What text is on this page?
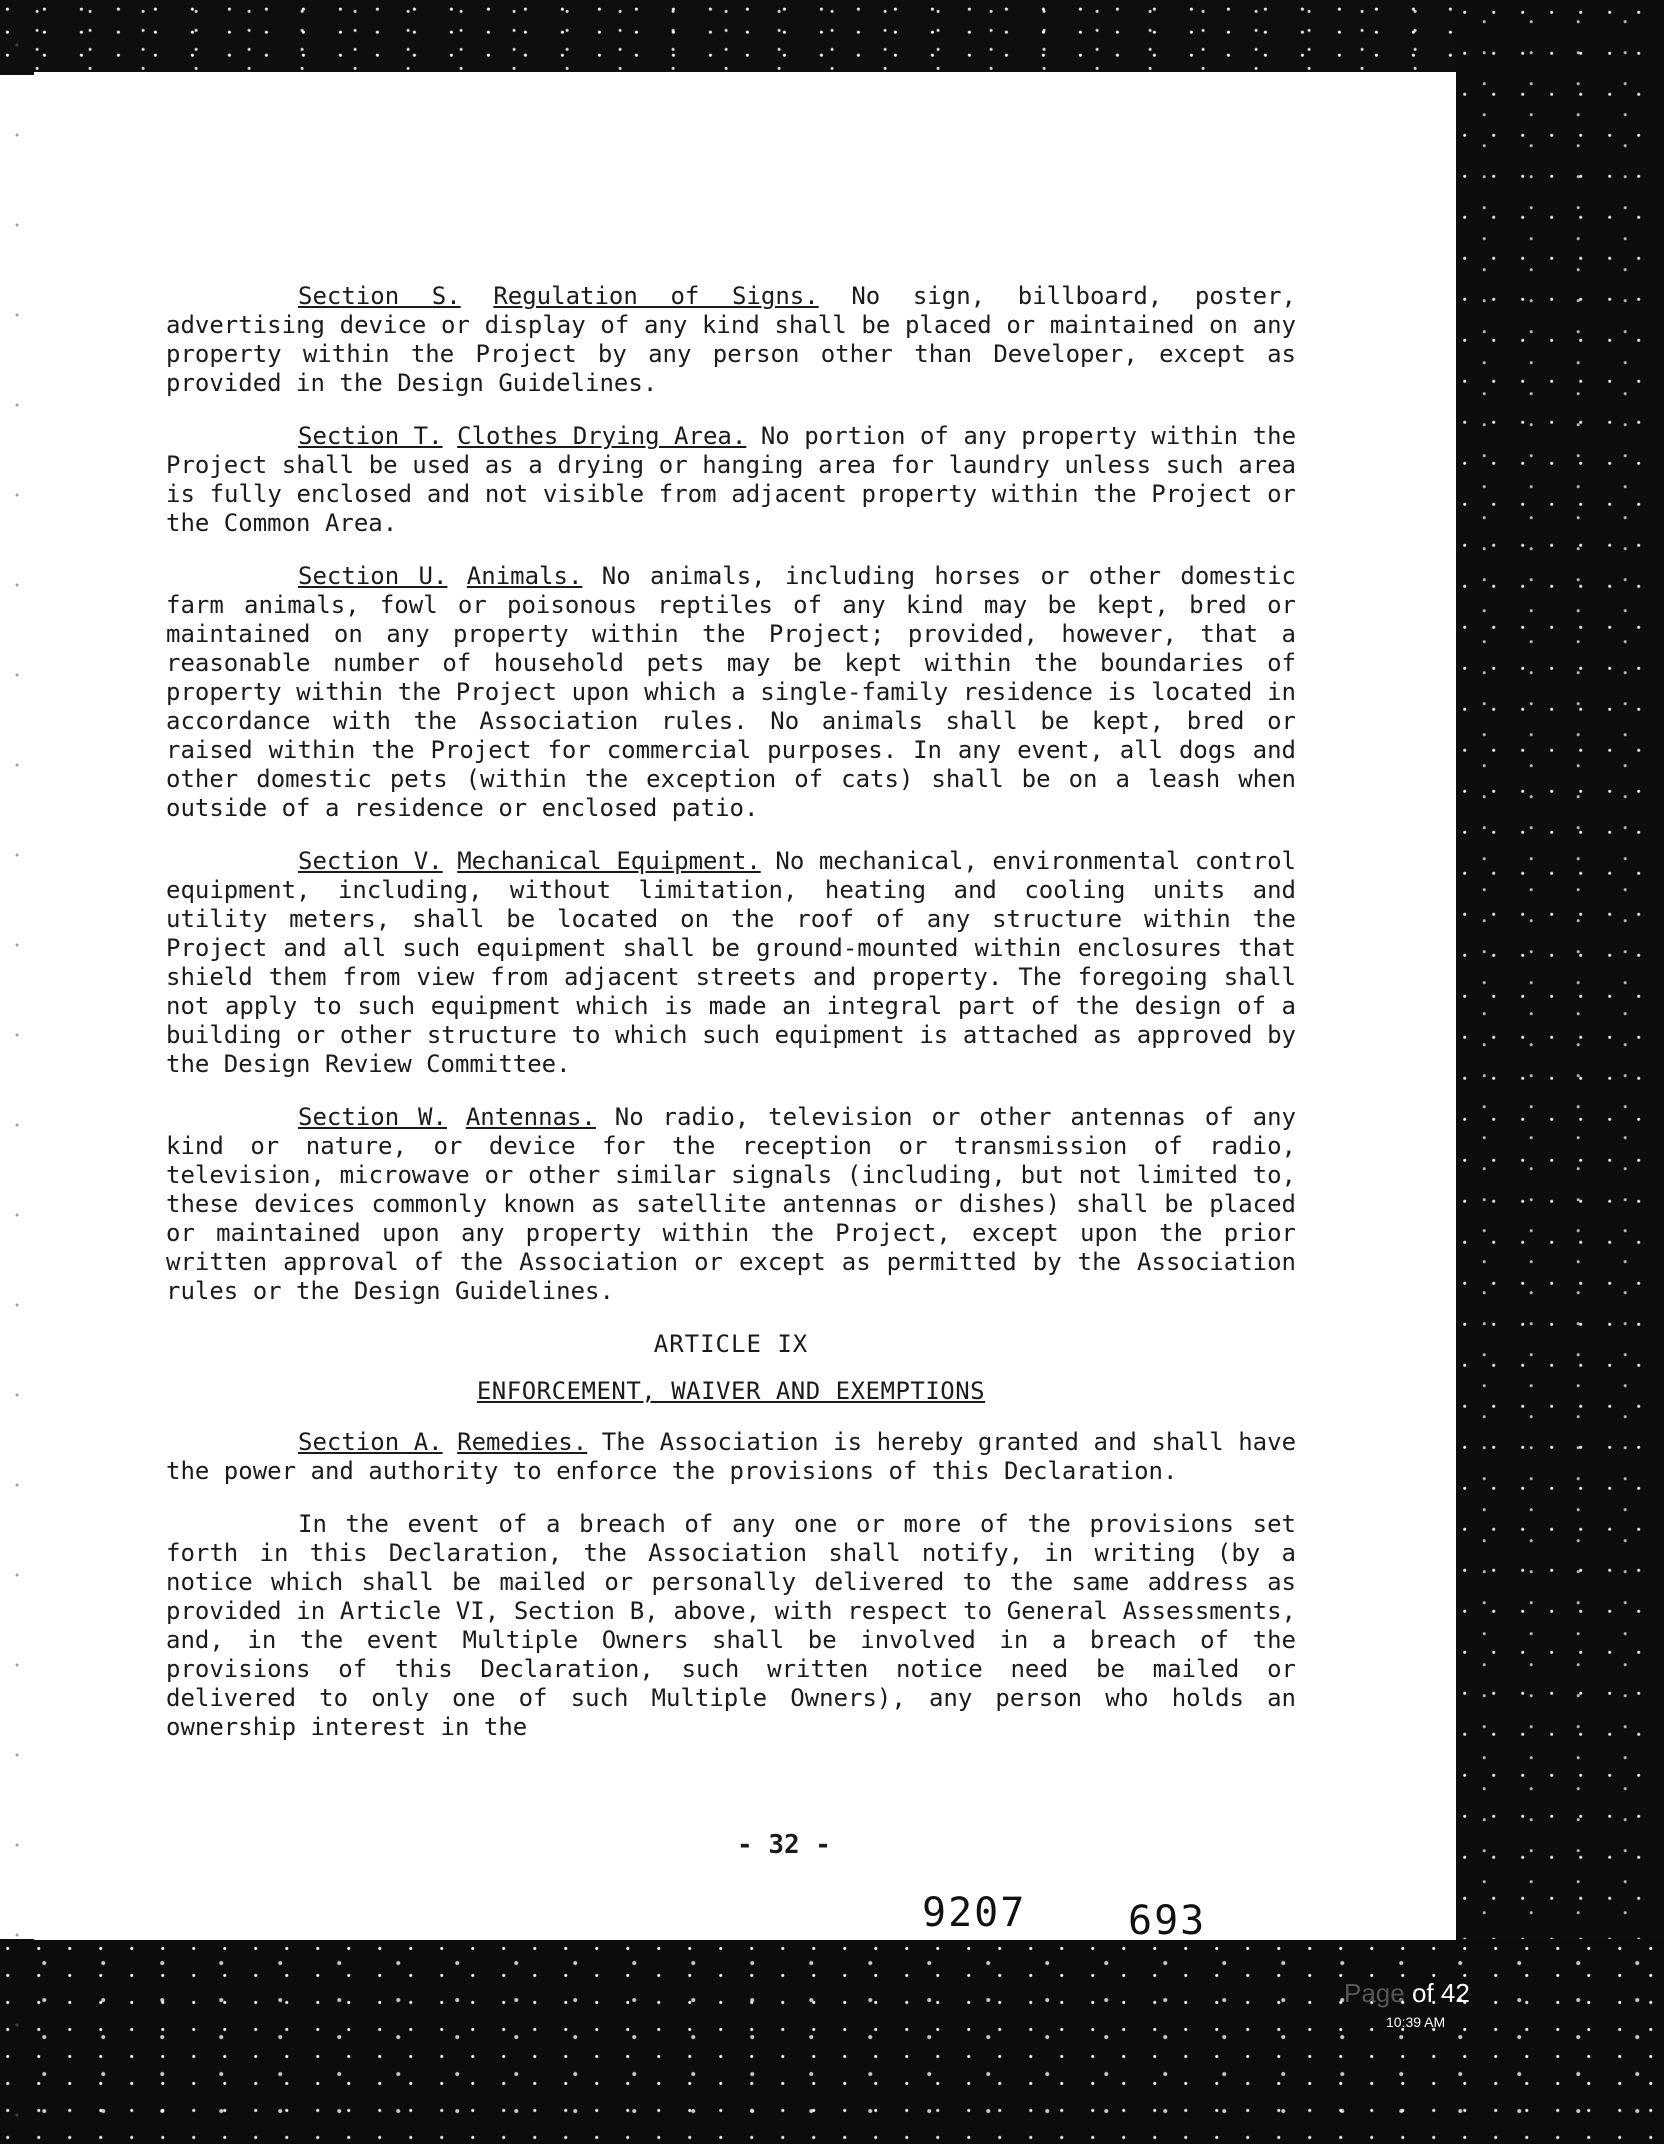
Section S. Regulation of Signs. No sign, billboard, poster, advertising device or display of any kind shall be placed or maintained on any property within the Project by any person other than Developer, except as provided in the Design Guidelines.

Section T. Clothes Drying Area. No portion of any property within the Project shall be used as a drying or hanging area for laundry unless such area is fully enclosed and not visible from adjacent property within the Project or the Common Area.

Section U. Animals. No animals, including horses or other domestic farm animals, fowl or poisonous reptiles of any kind may be kept, bred or maintained on any property within the Project; provided, however, that a reasonable number of household pets may be kept within the boundaries of property within the Project upon which a single-family residence is located in accordance with the Association rules. No animals shall be kept, bred or raised within the Project for commercial purposes. In any event, all dogs and other domestic pets (within the exception of cats) shall be on a leash when outside of a residence or enclosed patio.

Section V. Mechanical Equipment. No mechanical, environmental control equipment, including, without limitation, heating and cooling units and utility meters, shall be located on the roof of any structure within the Project and all such equipment shall be ground-mounted within enclosures that shield them from view from adjacent streets and property. The foregoing shall not apply to such equipment which is made an integral part of the design of a building or other structure to which such equipment is attached as approved by the Design Review Committee.

Section W. Antennas. No radio, television or other antennas of any kind or nature, or device for the reception or transmission of radio, television, microwave or other similar signals (including, but not limited to, these devices commonly known as satellite antennas or dishes) shall be placed or maintained upon any property within the Project, except upon the prior written approval of the Association or except as permitted by the Association rules or the Design Guidelines.

ARTICLE IX
ENFORCEMENT, WAIVER AND EXEMPTIONS

Section A. Remedies. The Association is hereby granted and shall have the power and authority to enforce the provisions of this Declaration.

In the event of a breach of any one or more of the provisions set forth in this Declaration, the Association shall notify, in writing (by a notice which shall be mailed or personally delivered to the same address as provided in Article VI, Section B, above, with respect to General Assessments, and, in the event Multiple Owners shall be involved in a breach of the provisions of this Declaration, such written notice need be mailed or delivered to only one of such Multiple Owners), any person who holds an ownership interest in the

- 32 -
9207	693
Page of 42
10:39 AM
